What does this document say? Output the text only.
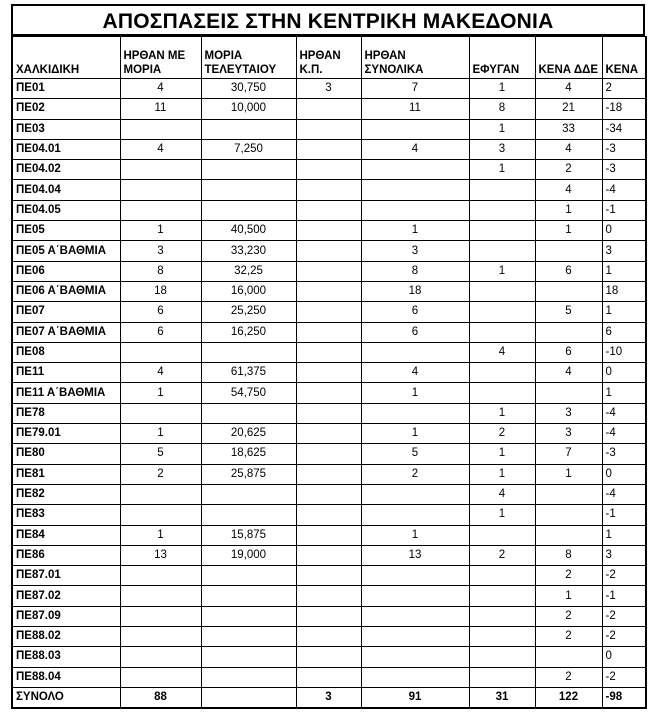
ΑΠΟΣΠΑΣΕΙΣ ΣΤΗΝ ΚΕΝΤΡΙΚΗ ΜΑΚΕΔΟΝΙΑ
ΧΑΛΚΙΔΙΚΗ	ΗΡΘΑΝ ΜΕ ΜΟΡΙΑ	ΜΟΡΙΑ ΤΕΛΕΥΤΑΙΟΥ	ΗΡΘΑΝ Κ.Π.	ΗΡΘΑΝ ΣΥΝΟΛΙΚΑ	ΕΦΥΓΑΝ	ΚΕΝΑ ΔΔΕ	ΚΕΝΑ
ΠΕ01	4	30,750	3	7	1	4	2
ΠΕ02	11	10,000		11	8	21	-18
ΠΕ03					1	33	-34
ΠΕ04.01	4	7,250		4	3	4	-3
ΠΕ04.02					1	2	-3
ΠΕ04.04						4	-4
ΠΕ04.05						1	-1
ΠΕ05	1	40,500		1		1	0
ΠΕ05 Α΄ΒΑΘΜΙΑ	3	33,230		3			3
ΠΕ06	8	32,25		8	1	6	1
ΠΕ06 Α΄ΒΑΘΜΙΑ	18	16,000		18			18
ΠΕ07	6	25,250		6		5	1
ΠΕ07 Α΄ΒΑΘΜΙΑ	6	16,250		6			6
ΠΕ08					4	6	-10
ΠΕ11	4	61,375		4		4	0
ΠΕ11 Α΄ΒΑΘΜΙΑ	1	54,750		1			1
ΠΕ78					1	3	-4
ΠΕ79.01	1	20,625		1	2	3	-4
ΠΕ80	5	18,625		5	1	7	-3
ΠΕ81	2	25,875		2	1	1	0
ΠΕ82					4		-4
ΠΕ83					1		-1
ΠΕ84	1	15,875		1			1
ΠΕ86	13	19,000		13	2	8	3
ΠΕ87.01						2	-2
ΠΕ87.02						1	-1
ΠΕ87.09						2	-2
ΠΕ88.02						2	-2
ΠΕ88.03							0
ΠΕ88.04						2	-2
ΣΥΝΟΛΟ	88		3	91	31	122	-98
